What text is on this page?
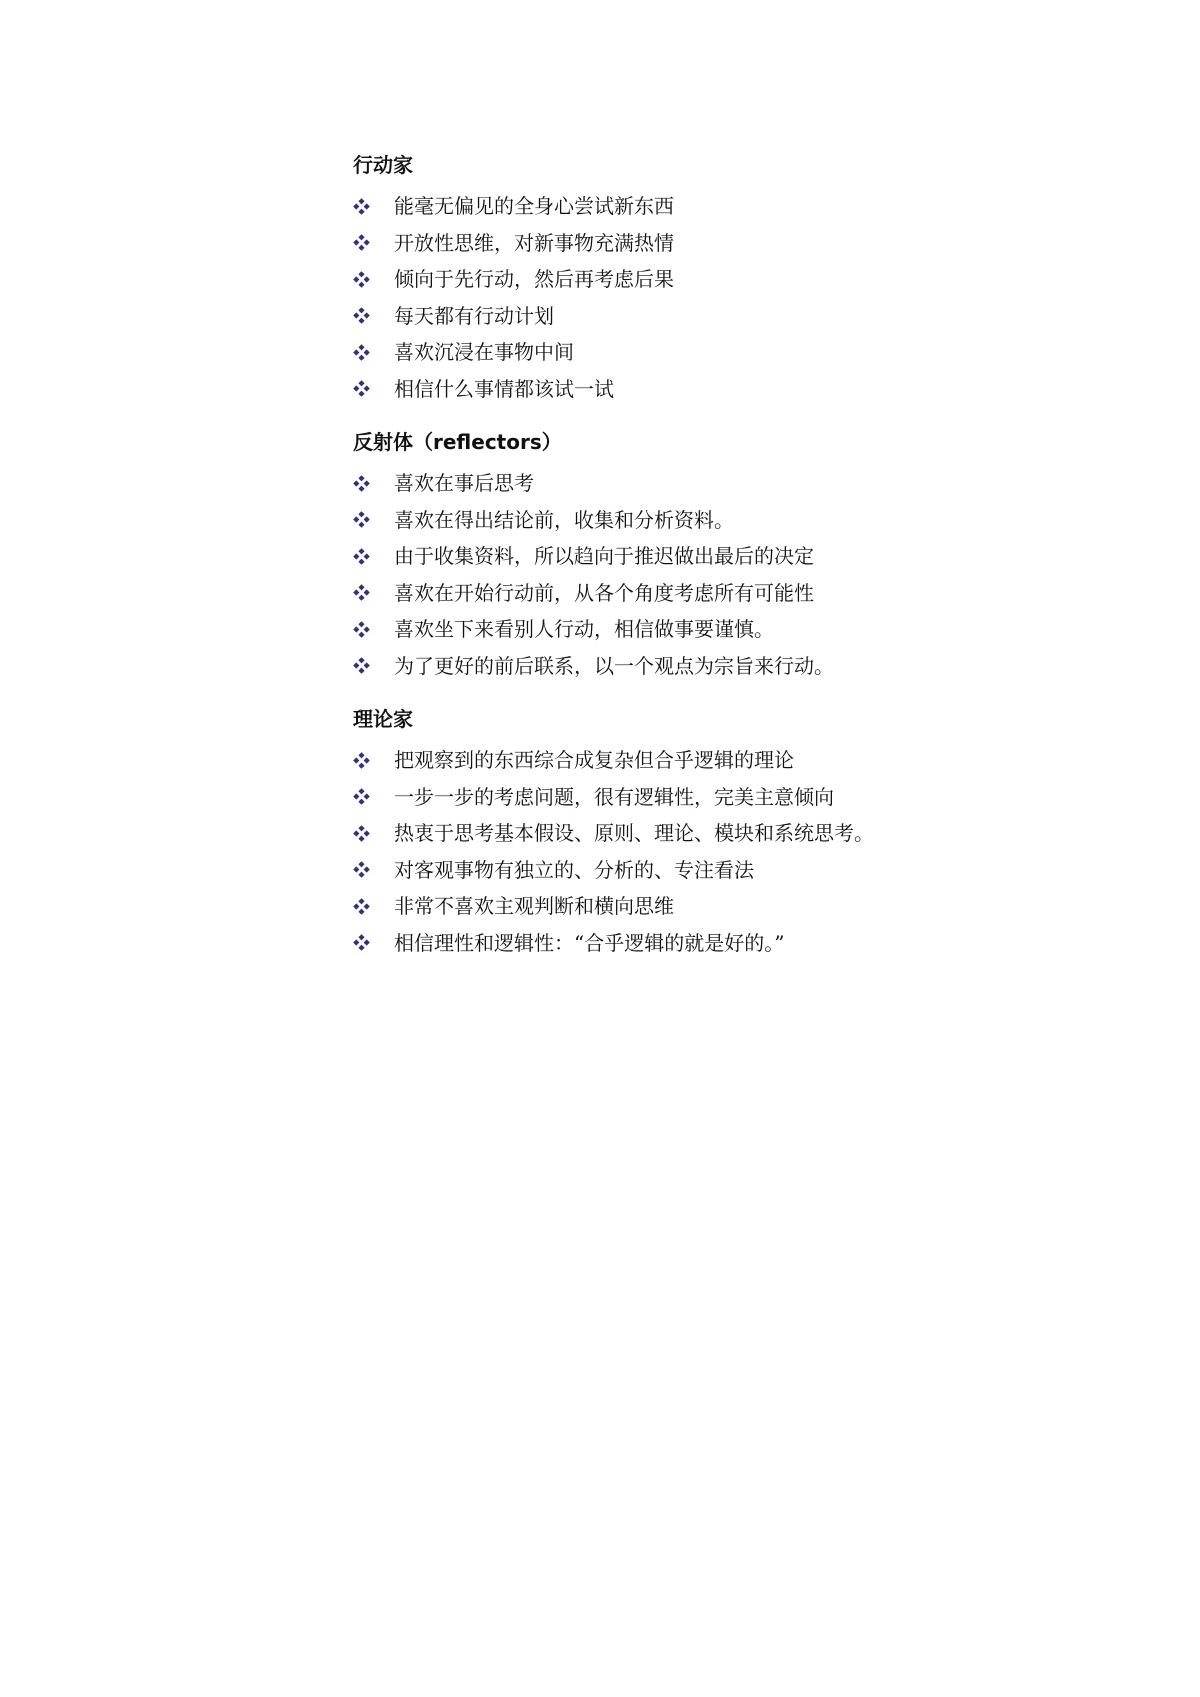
行动家
能毫无偏见的全身心尝试新东西
开放性思维，对新事物充满热情
倾向于先行动，然后再考虑后果
每天都有行动计划
喜欢沉浸在事物中间
相信什么事情都该试一试
反射体（reflectors）
喜欢在事后思考
喜欢在得出结论前，收集和分析资料。
由于收集资料，所以趋向于推迟做出最后的决定
喜欢在开始行动前，从各个角度考虑所有可能性
喜欢坐下来看别人行动，相信做事要谨慎。
为了更好的前后联系，以一个观点为宗旨来行动。
理论家
把观察到的东西综合成复杂但合乎逻辑的理论
一步一步的考虑问题，很有逻辑性，完美主意倾向
热衷于思考基本假设、原则、理论、模块和系统思考。
对客观事物有独立的、分析的、专注看法
非常不喜欢主观判断和横向思维
相信理性和逻辑性：“合乎逻辑的就是好的。”
